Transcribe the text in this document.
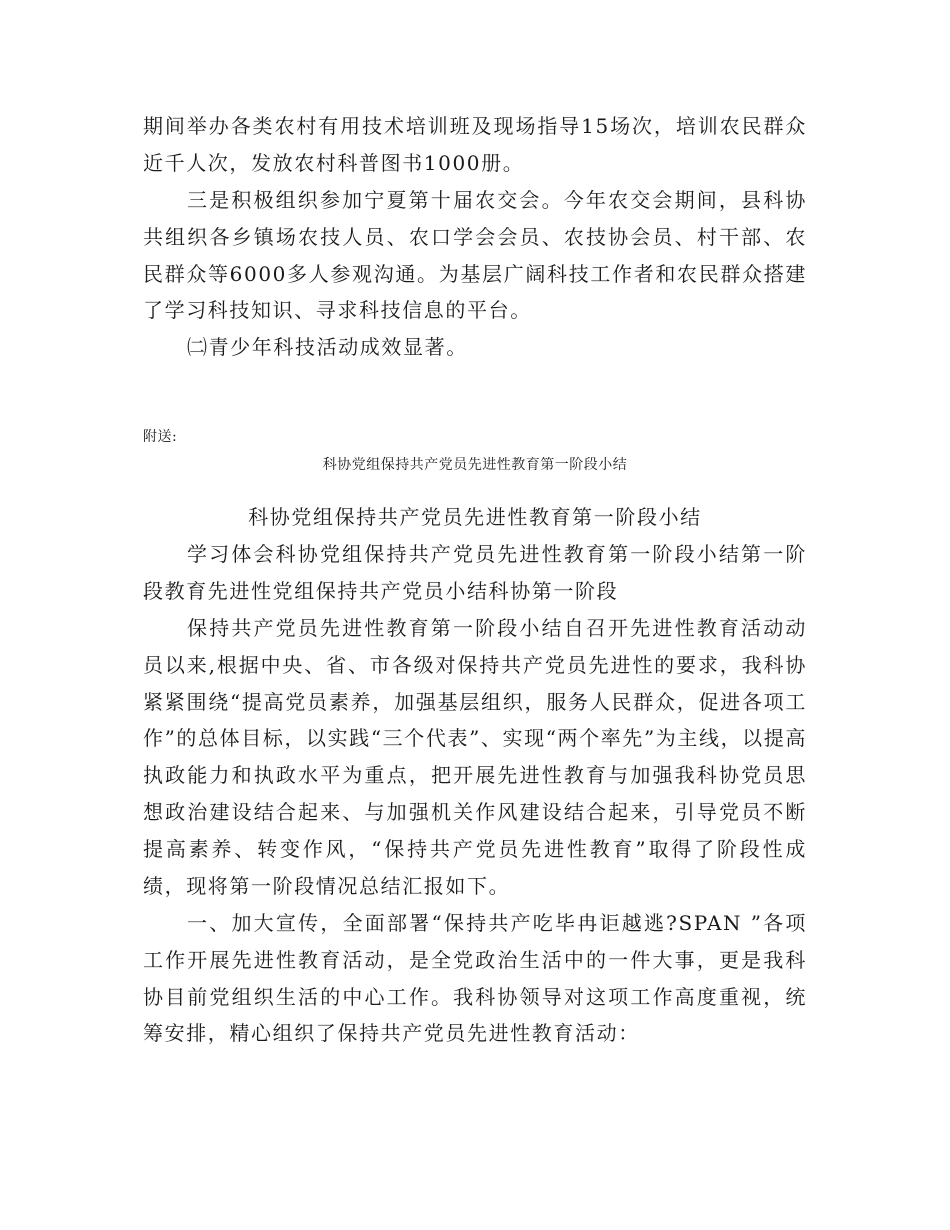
期间举办各类农村有用技术培训班及现场指导15场次，培训农民群众近千人次，发放农村科普图书1000册。

三是积极组织参加宁夏第十届农交会。今年农交会期间，县科协共组织各乡镇场农技人员、农口学会会员、农技协会员、村干部、农民群众等6000多人参观沟通。为基层广阔科技工作者和农民群众搭建了学习科技知识、寻求科技信息的平台。

㈡青少年科技活动成效显著。

附送:

科协党组保持共产党员先进性教育第一阶段小结

科协党组保持共产党员先进性教育第一阶段小结

学习体会科协党组保持共产党员先进性教育第一阶段小结第一阶段教育先进性党组保持共产党员小结科协第一阶段

保持共产党员先进性教育第一阶段小结自召开先进性教育活动动员以来,根据中央、省、市各级对保持共产党员先进性的要求，我科协紧紧围绕“提高党员素养，加强基层组织，服务人民群众，促进各项工作”的总体目标，以实践“三个代表”、实现“两个率先”为主线，以提高执政能力和执政水平为重点，把开展先进性教育与加强我科协党员思想政治建设结合起来、与加强机关作风建设结合起来，引导党员不断提高素养、转变作风，“保持共产党员先进性教育”取得了阶段性成绩，现将第一阶段情况总结汇报如下。

一、加大宣传，全面部署“保持共产吃毕冉讵越逃?SPAN ”各项工作开展先进性教育活动，是全党政治生活中的一件大事，更是我科协目前党组织生活的中心工作。我科协领导对这项工作高度重视，统筹安排，精心组织了保持共产党员先进性教育活动：
